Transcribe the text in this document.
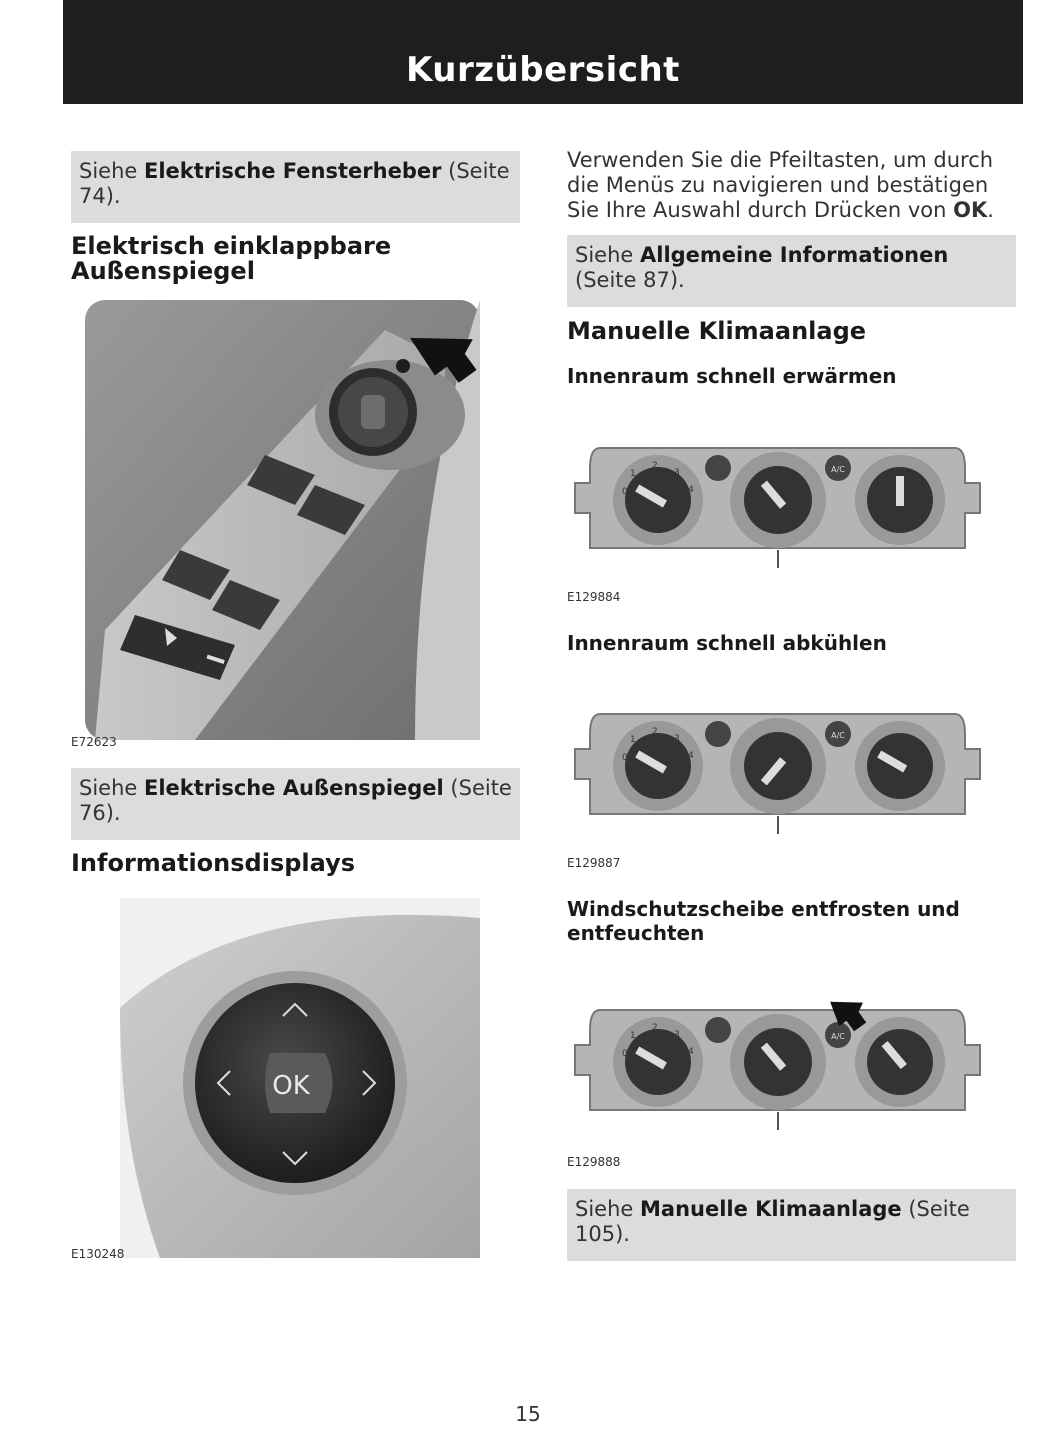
Kurzübersicht
Siehe Elektrische Fensterheber (Seite 74).
Elektrisch einklappbare Außenspiegel
E72623
Siehe Elektrische Außenspiegel (Seite 76).
Informationsdisplays
OK
E130248

Verwenden Sie die Pfeiltasten, um durch die Menüs zu navigieren und bestätigen Sie Ihre Auswahl durch Drücken von OK.

Siehe Allgemeine Informationen (Seite 87).
Manuelle Klimaanlage
Innenraum schnell erwärmen
A/C
0
1
2
3
4
E129884
Innenraum schnell abkühlen
A/C
0
1
2
3
4
E129887
Windschutzscheibe entfrosten und entfeuchten
A/C
0
1
2
3
4
E129888
Siehe Manuelle Klimaanlage (Seite 105).
15
